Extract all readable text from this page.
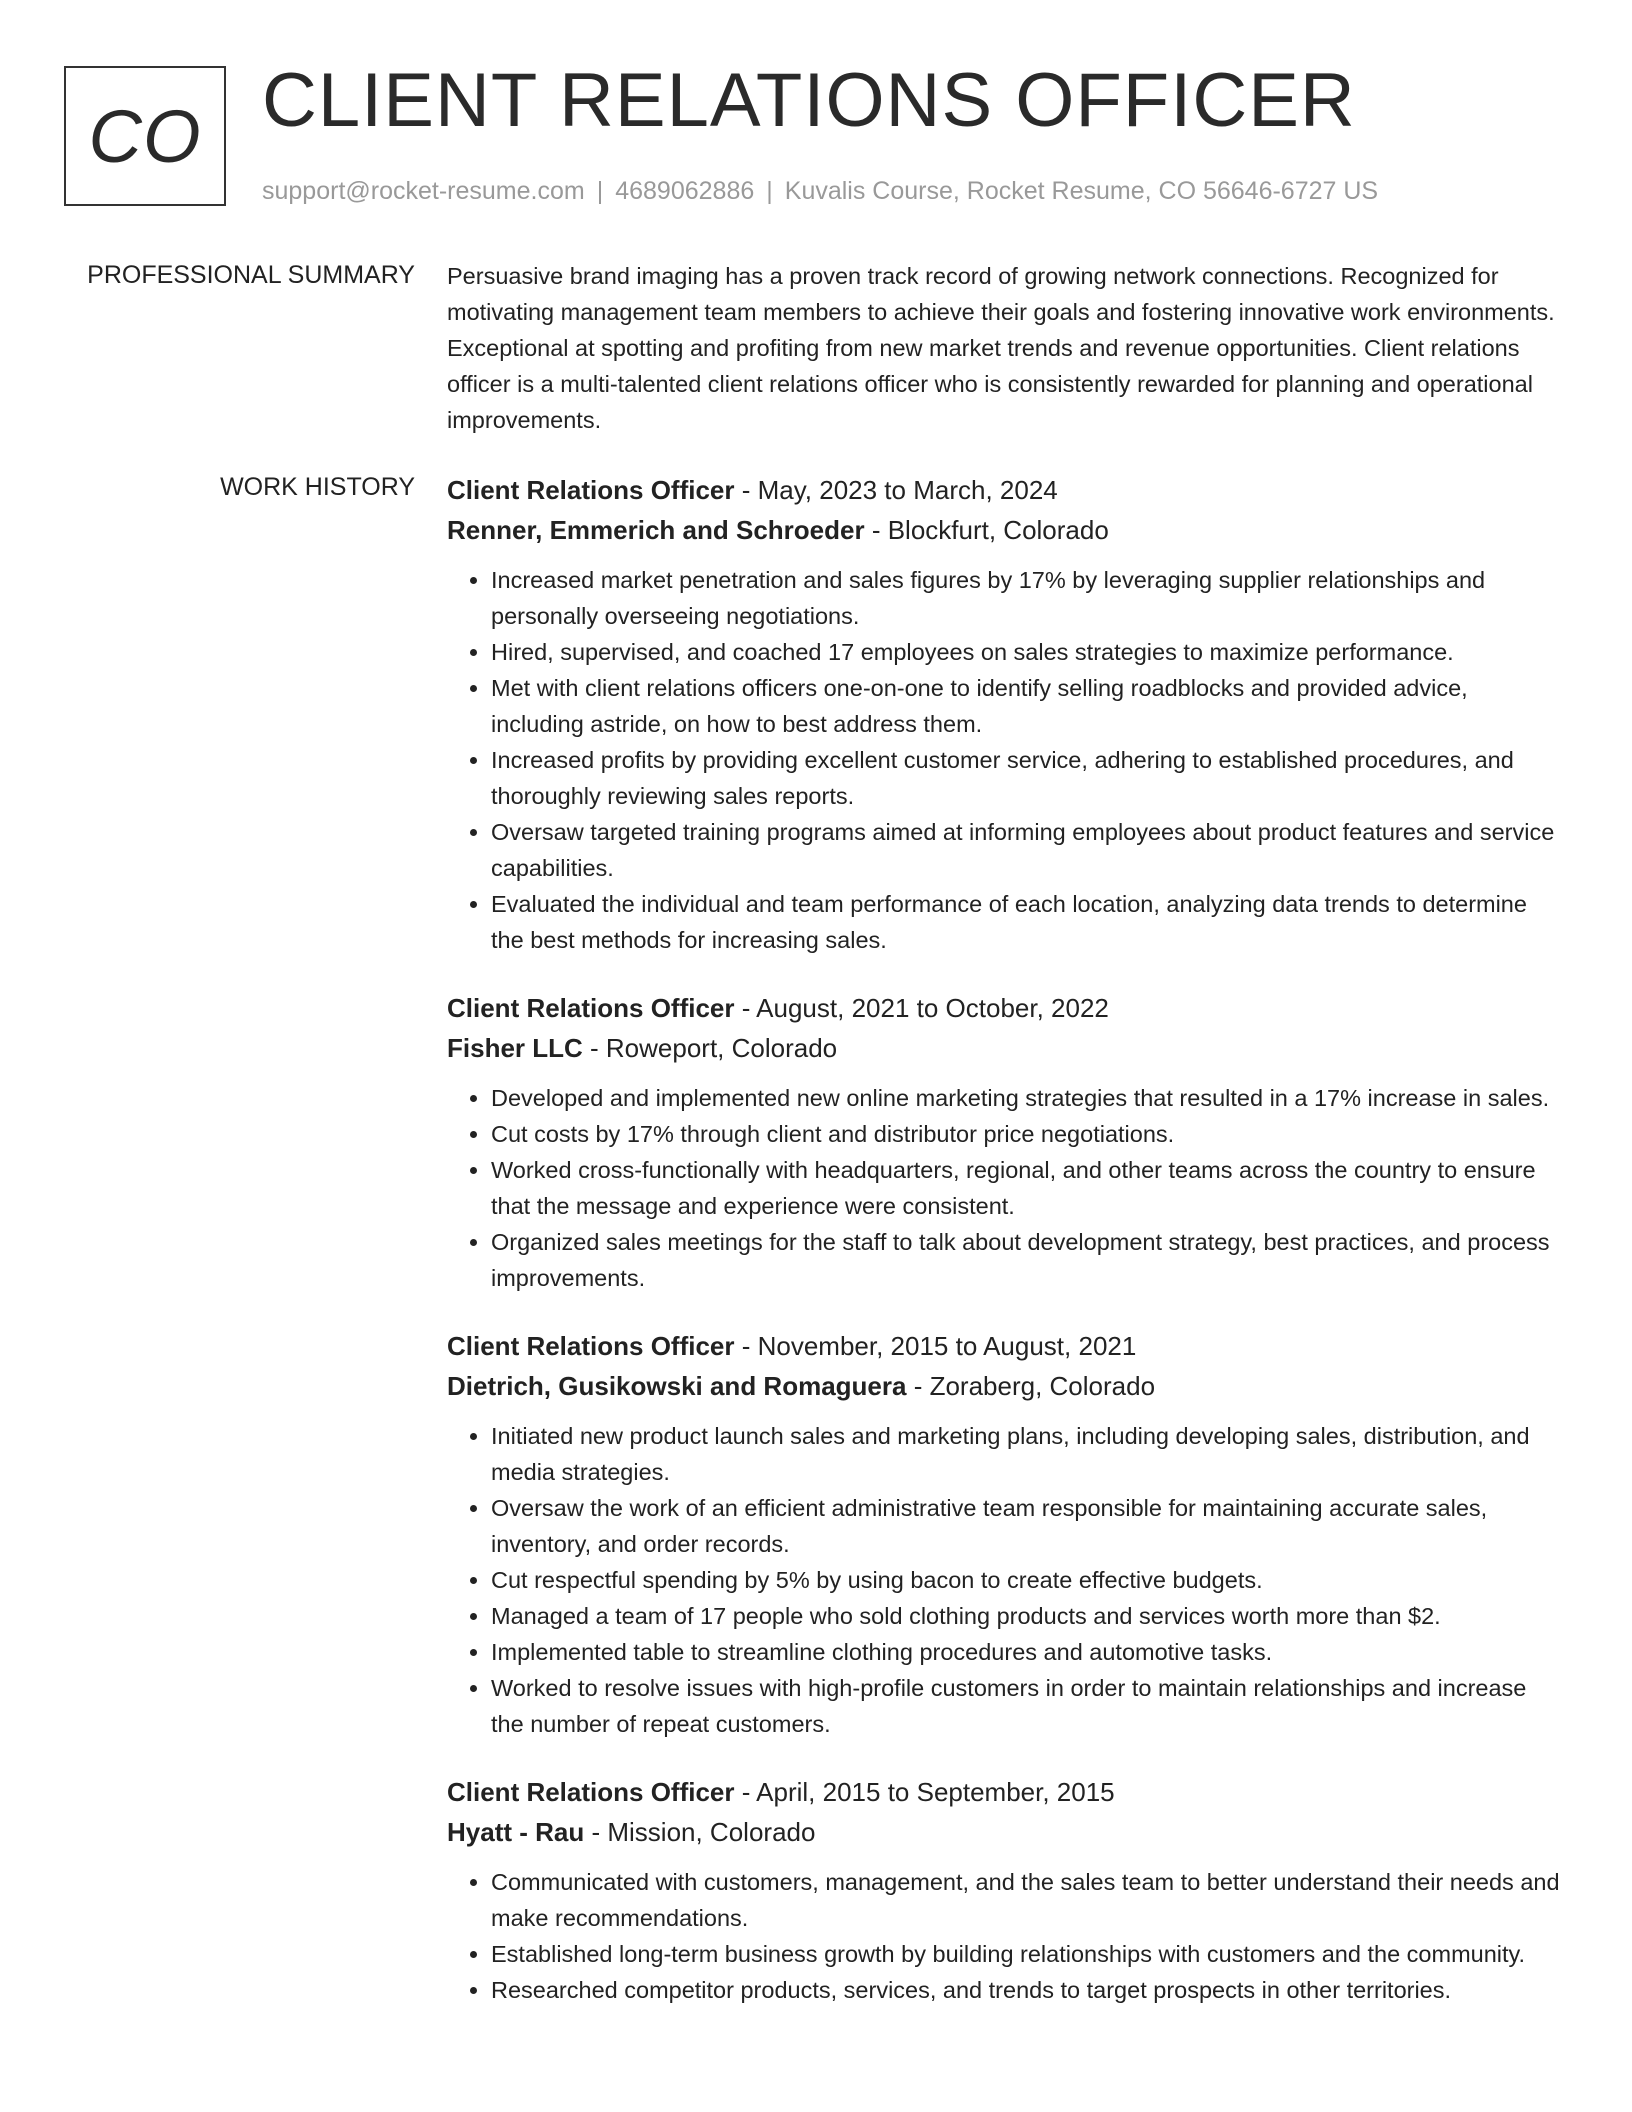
CO CLIENT RELATIONS OFFICER
support@rocket-resume.com | 4689062886 | Kuvalis Course, Rocket Resume, CO 56646-6727 US
PROFESSIONAL SUMMARY Persuasive brand imaging has a proven track record of growing network connections. Recognized for motivating management team members to achieve their goals and fostering innovative work environments. Exceptional at spotting and profiting from new market trends and revenue opportunities. Client relations officer is a multi-talented client relations officer who is consistently rewarded for planning and operational improvements.

WORK HISTORY Client Relations Officer - May, 2023 to March, 2024
Renner, Emmerich and Schroeder - Blockfurt, Colorado
• Increased market penetration and sales figures by 17% by leveraging supplier relationships and personally overseeing negotiations.
• Hired, supervised, and coached 17 employees on sales strategies to maximize performance.
• Met with client relations officers one-on-one to identify selling roadblocks and provided advice, including astride, on how to best address them.
• Increased profits by providing excellent customer service, adhering to established procedures, and thoroughly reviewing sales reports.
• Oversaw targeted training programs aimed at informing employees about product features and service capabilities.
• Evaluated the individual and team performance of each location, analyzing data trends to determine the best methods for increasing sales.
Client Relations Officer - August, 2021 to October, 2022
Fisher LLC - Roweport, Colorado
• Developed and implemented new online marketing strategies that resulted in a 17% increase in sales.
• Cut costs by 17% through client and distributor price negotiations.
• Worked cross-functionally with headquarters, regional, and other teams across the country to ensure that the message and experience were consistent.
• Organized sales meetings for the staff to talk about development strategy, best practices, and process improvements.
Client Relations Officer - November, 2015 to August, 2021
Dietrich, Gusikowski and Romaguera - Zoraberg, Colorado
• Initiated new product launch sales and marketing plans, including developing sales, distribution, and media strategies.
• Oversaw the work of an efficient administrative team responsible for maintaining accurate sales, inventory, and order records.
• Cut respectful spending by 5% by using bacon to create effective budgets.
• Managed a team of 17 people who sold clothing products and services worth more than $2.
• Implemented table to streamline clothing procedures and automotive tasks.
• Worked to resolve issues with high-profile customers in order to maintain relationships and increase the number of repeat customers.
Client Relations Officer - April, 2015 to September, 2015
Hyatt - Rau - Mission, Colorado
• Communicated with customers, management, and the sales team to better understand their needs and make recommendations.
• Established long-term business growth by building relationships with customers and the community.
• Researched competitor products, services, and trends to target prospects in other territories.
